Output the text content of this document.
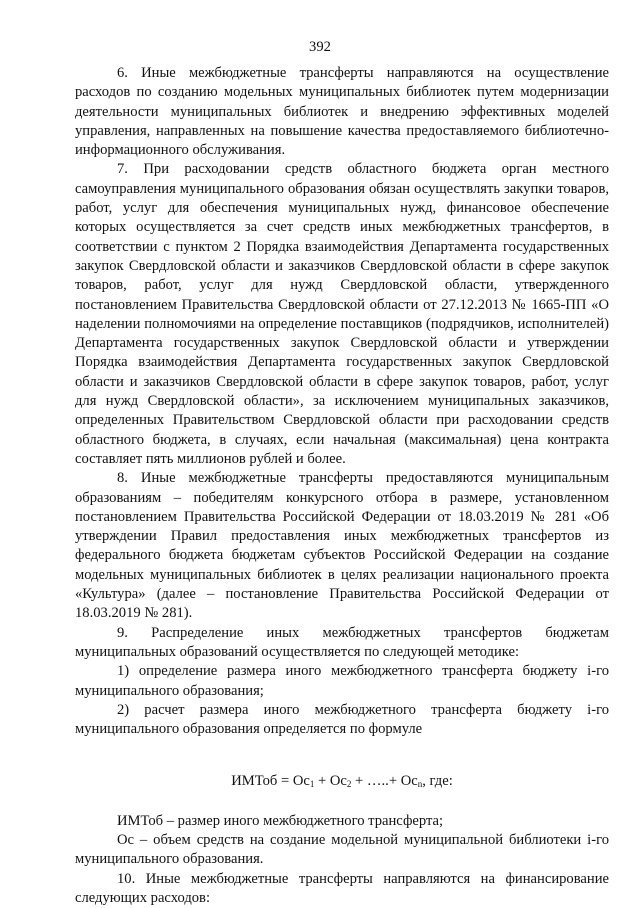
392

6. Иные межбюджетные трансферты направляются на осуществление расходов по созданию модельных муниципальных библиотек путем модернизации деятельности муниципальных библиотек и внедрению эффективных моделей управления, направленных на повышение качества предоставляемого библиотечно-информационного обслуживания.

7. При расходовании средств областного бюджета орган местного самоуправления муниципального образования обязан осуществлять закупки товаров, работ, услуг для обеспечения муниципальных нужд, финансовое обеспечение которых осуществляется за счет средств иных межбюджетных трансфертов, в соответствии с пунктом 2 Порядка взаимодействия Департамента государственных закупок Свердловской области и заказчиков Свердловской области в сфере закупок товаров, работ, услуг для нужд Свердловской области, утвержденного постановлением Правительства Свердловской области от 27.12.2013 № 1665-ПП «О наделении полномочиями на определение поставщиков (подрядчиков, исполнителей) Департамента государственных закупок Свердловской области и утверждении Порядка взаимодействия Департамента государственных закупок Свердловской области и заказчиков Свердловской области в сфере закупок товаров, работ, услуг для нужд Свердловской области», за исключением муниципальных заказчиков, определенных Правительством Свердловской области при расходовании средств областного бюджета, в случаях, если начальная (максимальная) цена контракта составляет пять миллионов рублей и более.

8. Иные межбюджетные трансферты предоставляются муниципальным образованиям – победителям конкурсного отбора в размере, установленном постановлением Правительства Российской Федерации от 18.03.2019 № 281 «Об утверждении Правил предоставления иных межбюджетных трансфертов из федерального бюджета бюджетам субъектов Российской Федерации на создание модельных муниципальных библиотек в целях реализации национального проекта «Культура» (далее – постановление Правительства Российской Федерации от 18.03.2019 № 281).

9. Распределение иных межбюджетных трансфертов бюджетам муниципальных образований осуществляется по следующей методике:

1) определение размера иного межбюджетного трансферта бюджету i-го муниципального образования;

2) расчет размера иного межбюджетного трансферта бюджету i-го муниципального образования определяется по формуле

ИМТоб = $Ос_1 + Ос_2$ + …..+ $Ос_n$, где:

ИМТоб – размер иного межбюджетного трансферта;

Ос – объем средств на создание модельной муниципальной библиотеки i-го муниципального образования.

10. Иные межбюджетные трансферты направляются на финансирование следующих расходов:
